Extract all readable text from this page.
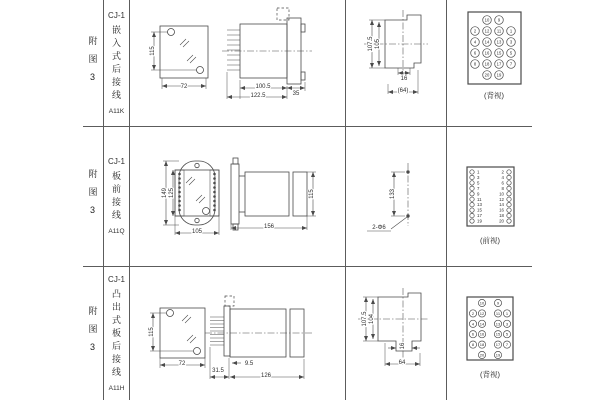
附图3
CJ-1
嵌入式后接线
A11K
附图3
CJ-1
板前接线
A11Q
附图3
CJ-1
凸出式板后接线
A11H
115
72	100.5
122.5	35
107.5 105
16
(64)	(背视)
10 9
2 12 11 1
4 14 13 3
6 16 15 5
8 18 17 7
20 19
149 125
105
156
115	133
2-Φ6
(前视)
1	2
3	4
5	6
7	8
9	10
11	12
13	14
15	16
17	18
19	20
115
72	9.5
31.5
126
107.5 104
16
64
(背视)
10	9
2 12	11 1
4 14	13 3
6 16	15 5
8 18	17 7
20	19
